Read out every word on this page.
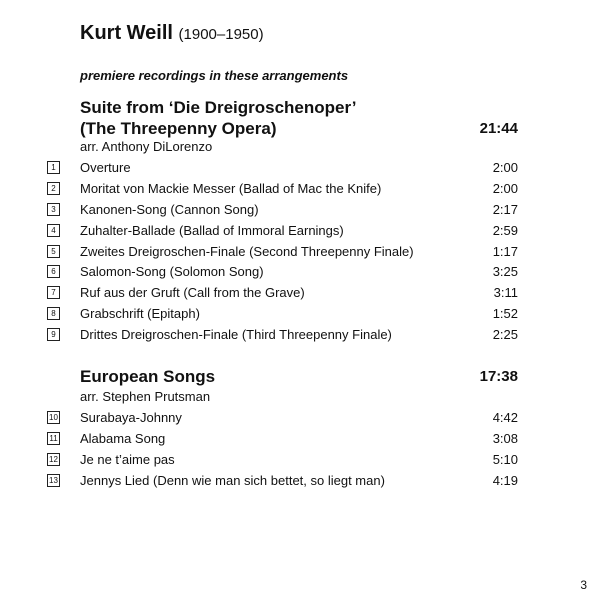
Kurt Weill (1900–1950)
premiere recordings in these arrangements
Suite from ‘Die Dreigroschenoper’
(The Threepenny Opera)	21:44
arr. Anthony DiLorenzo
1	Overture	2:00
2	Moritat von Mackie Messer (Ballad of Mac the Knife)	2:00
3	Kanonen-Song (Cannon Song)	2:17
4	Zuhalter-Ballade (Ballad of Immoral Earnings)	2:59
5	Zweites Dreigroschen-Finale (Second Threepenny Finale)	1:17
6	Salomon-Song (Solomon Song)	3:25
7	Ruf aus der Gruft (Call from the Grave)	3:11
8	Grabschrift (Epitaph)	1:52
9	Drittes Dreigroschen-Finale (Third Threepenny Finale)	2:25
European Songs	17:38
arr. Stephen Prutsman
10 Surabaya-Johnny	4:42
11 Alabama Song	3:08
12 Je ne t’aime pas	5:10
13 Jennys Lied (Denn wie man sich bettet, so liegt man)	4:19
3
